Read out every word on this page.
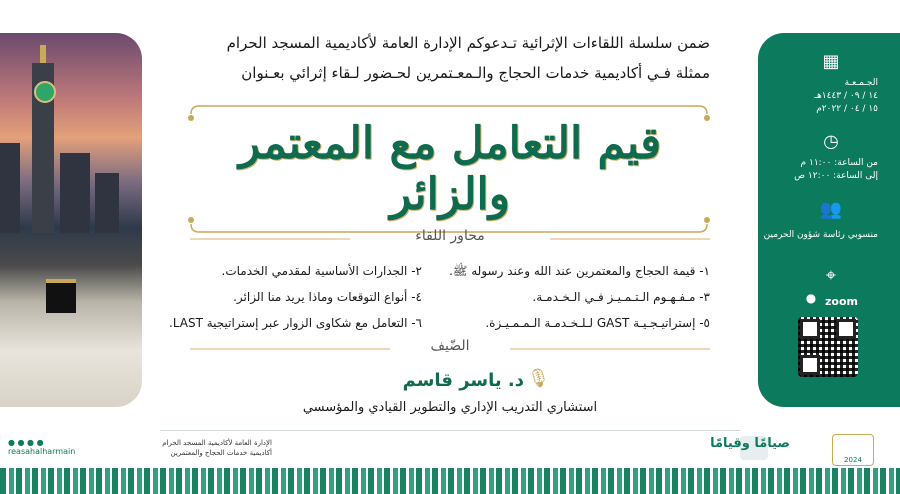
ضمن سلسلة اللقاءات الإثرائية تـدعوكم الإدارة العامة لأكاديمية المسجد الحرام
ممثلة فـي أكاديمية خدمات الحجاج والـمعـتمرين لحـضور لـقاء إثرائي بعـنوان
قيم التعامل مع المعتمر والزائر
محاور اللقاء
١- قيمة الحجاج والمعتمرين عند الله وعند رسوله ﷺ.
٢- الجدارات الأساسية لمقدمي الخدمات.
٣- مـفـهـوم الـتـمـيـز فـي الـخـدمـة.
٤- أنواع التوقعات وماذا يريد منا الزائر.
٥- إستراتيـجـيـة GAST لـلـخـدمـة الـمـمـيـزة.
٦- التعامل مع شكاوى الزوار عبر إستراتيجية LAST.
الضّيف
🎙
د. ياسر قاسم
استشاري التدريب الإداري والتطوير القيادي والمؤسسي
▦
الجـمـعـة
١٤ / ٠٩ / ١٤٤٣هـ
١٥ / ٠٤ / ٢٠٢٢م
◷
من الساعة: ١١:٠٠ م
إلى الساعة: ١٢:٠٠ ص
👥
منسوبي رئاسة شؤون الحرمين
⌖
zoom
●
● ● ● ●
reasahalharmain
الإدارة العامة لأكاديمية المسجد الحرام
أكاديمية خدمات الحجاج والمعتمرين
صيامًا وقيامًا
2024
